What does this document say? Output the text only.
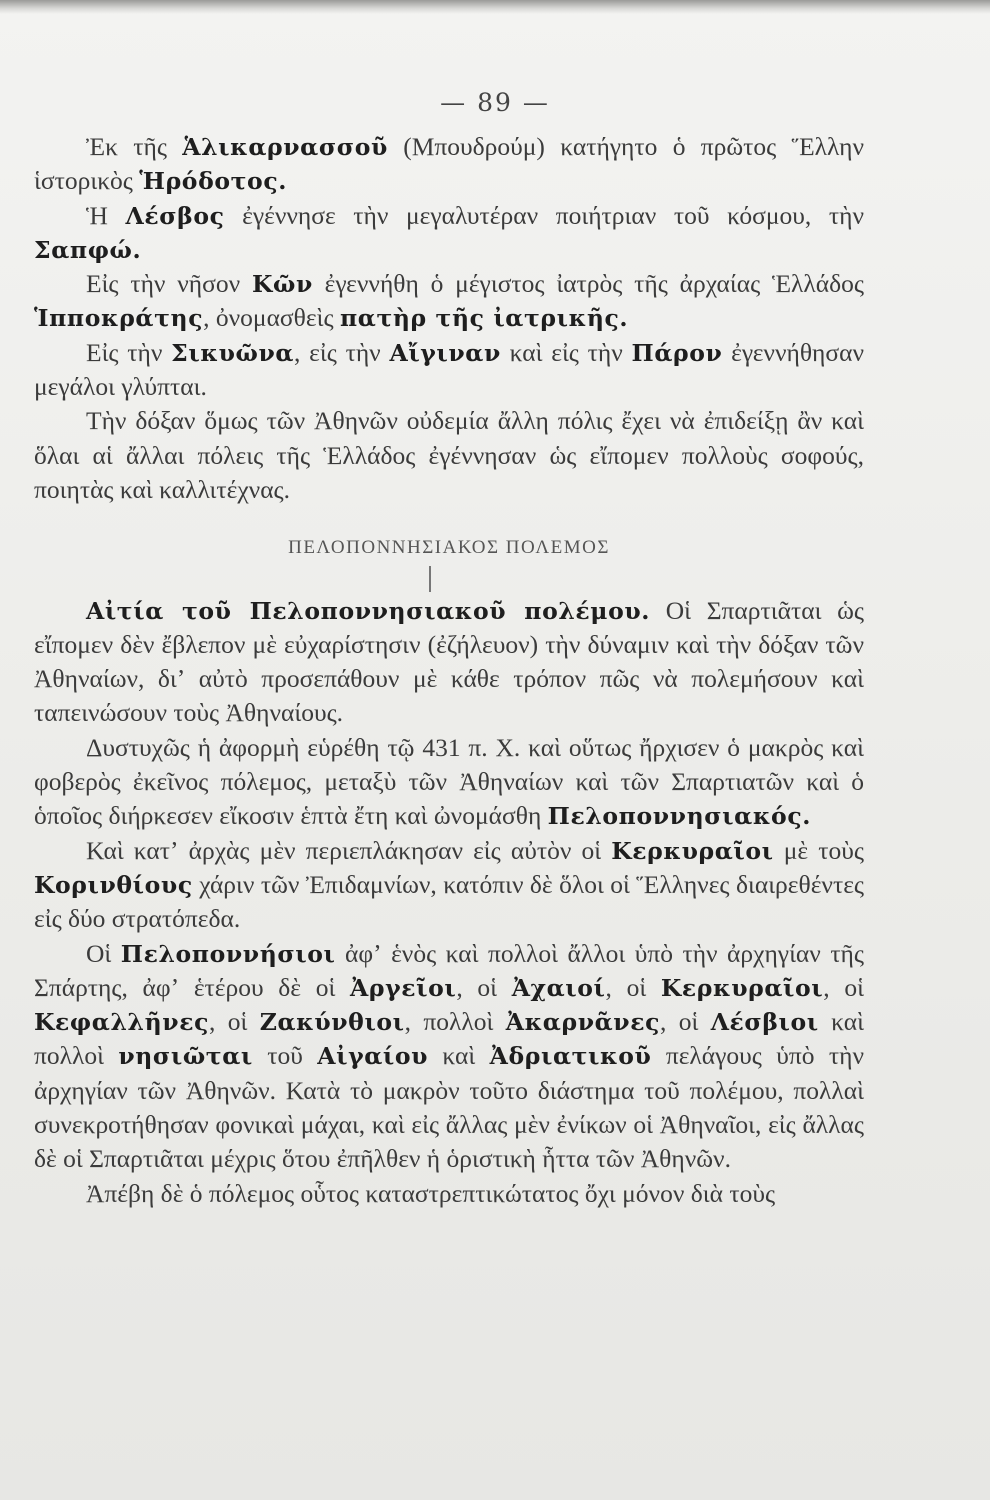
— 89 —

Ἐκ τῆς Ἁλικαρνασσοῦ (Μπουδρούμ) κατήγητο ὁ πρῶτος Ἕλλην ἱστορικὸς Ἡρόδοτος.

Ἡ Λέσβος ἐγέννησε τὴν μεγαλυτέραν ποιήτριαν τοῦ κόσμου, τὴν Σαπφώ.

Εἰς τὴν νῆσον Κῶν ἐγεννήθη ὁ μέγιστος ἰατρὸς τῆς ἀρχαίας Ἑλλάδος Ἱπποκράτης, ὀνομασθεὶς πατὴρ τῆς ἰατρικῆς.

Εἰς τὴν Σικυῶνα, εἰς τὴν Αἴγιναν καὶ εἰς τὴν Πάρον ἐγεννήθησαν μεγάλοι γλύπται.

Τὴν δόξαν ὅμως τῶν Ἀθηνῶν οὐδεμία ἄλλη πόλις ἔχει νὰ ἐπιδείξῃ ἂν καὶ ὅλαι αἱ ἄλλαι πόλεις τῆς Ἑλλάδος ἐγέννησαν ὡς εἴπομεν πολλοὺς σοφούς, ποιητὰς καὶ καλλιτέχνας.

ΠΕΛΟΠΟΝΝΗΣΙΑΚΟΣ ΠΟΛΕΜΟΣ

Αἰτία τοῦ Πελοποννησιακοῦ πολέμου. Οἱ Σπαρτιᾶται ὡς εἴπομεν δὲν ἔβλεπον μὲ εὐχαρίστησιν (ἐζήλευον) τὴν δύναμιν καὶ τὴν δόξαν τῶν Ἀθηναίων, διʼ αὐτὸ προσεπάθουν μὲ κάθε τρόπον πῶς νὰ πολεμήσουν καὶ ταπεινώσουν τοὺς Ἀθηναίους.

Δυστυχῶς ἡ ἀφορμὴ εὑρέθη τῷ 431 π. Χ. καὶ οὕτως ἤρχισεν ὁ μακρὸς καὶ φοβερὸς ἐκεῖνος πόλεμος, μεταξὺ τῶν Ἀθηναίων καὶ τῶν Σπαρτιατῶν καὶ ὁ ὁποῖος διήρκεσεν εἴκοσιν ἑπτὰ ἔτη καὶ ὠνομάσθη Πελοποννησιακός.

Καὶ κατʼ ἀρχὰς μὲν περιεπλάκησαν εἰς αὐτὸν οἱ Κερκυραῖοι μὲ τοὺς Κορινθίους χάριν τῶν Ἐπιδαμνίων, κατόπιν δὲ ὅλοι οἱ Ἕλληνες διαιρεθέντες εἰς δύο στρατόπεδα.

Οἱ Πελοποννήσιοι ἀφʼ ἑνὸς καὶ πολλοὶ ἄλλοι ὑπὸ τὴν ἀρχηγίαν τῆς Σπάρτης, ἀφʼ ἑτέρου δὲ οἱ Ἀργεῖοι, οἱ Ἀχαιοί, οἱ Κερκυραῖοι, οἱ Κεφαλλῆνες, οἱ Ζακύνθιοι, πολλοὶ Ἀκαρνᾶνες, οἱ Λέσβιοι καὶ πολλοὶ νησιῶται τοῦ Αἰγαίου καὶ Ἀδριατικοῦ πελάγους ὑπὸ τὴν ἀρχηγίαν τῶν Ἀθηνῶν. Κατὰ τὸ μακρὸν τοῦτο διάστημα τοῦ πολέμου, πολλαὶ συνεκροτήθησαν φονικαὶ μάχαι, καὶ εἰς ἄλλας μὲν ἐνίκων οἱ Ἀθηναῖοι, εἰς ἄλλας δὲ οἱ Σπαρτιᾶται μέχρις ὅτου ἐπῆλθεν ἡ ὁριστικὴ ἧττα τῶν Ἀθηνῶν.

Ἀπέβη δὲ ὁ πόλεμος οὗτος καταστρεπτικώτατος ὄχι μόνον διὰ τοὺς
